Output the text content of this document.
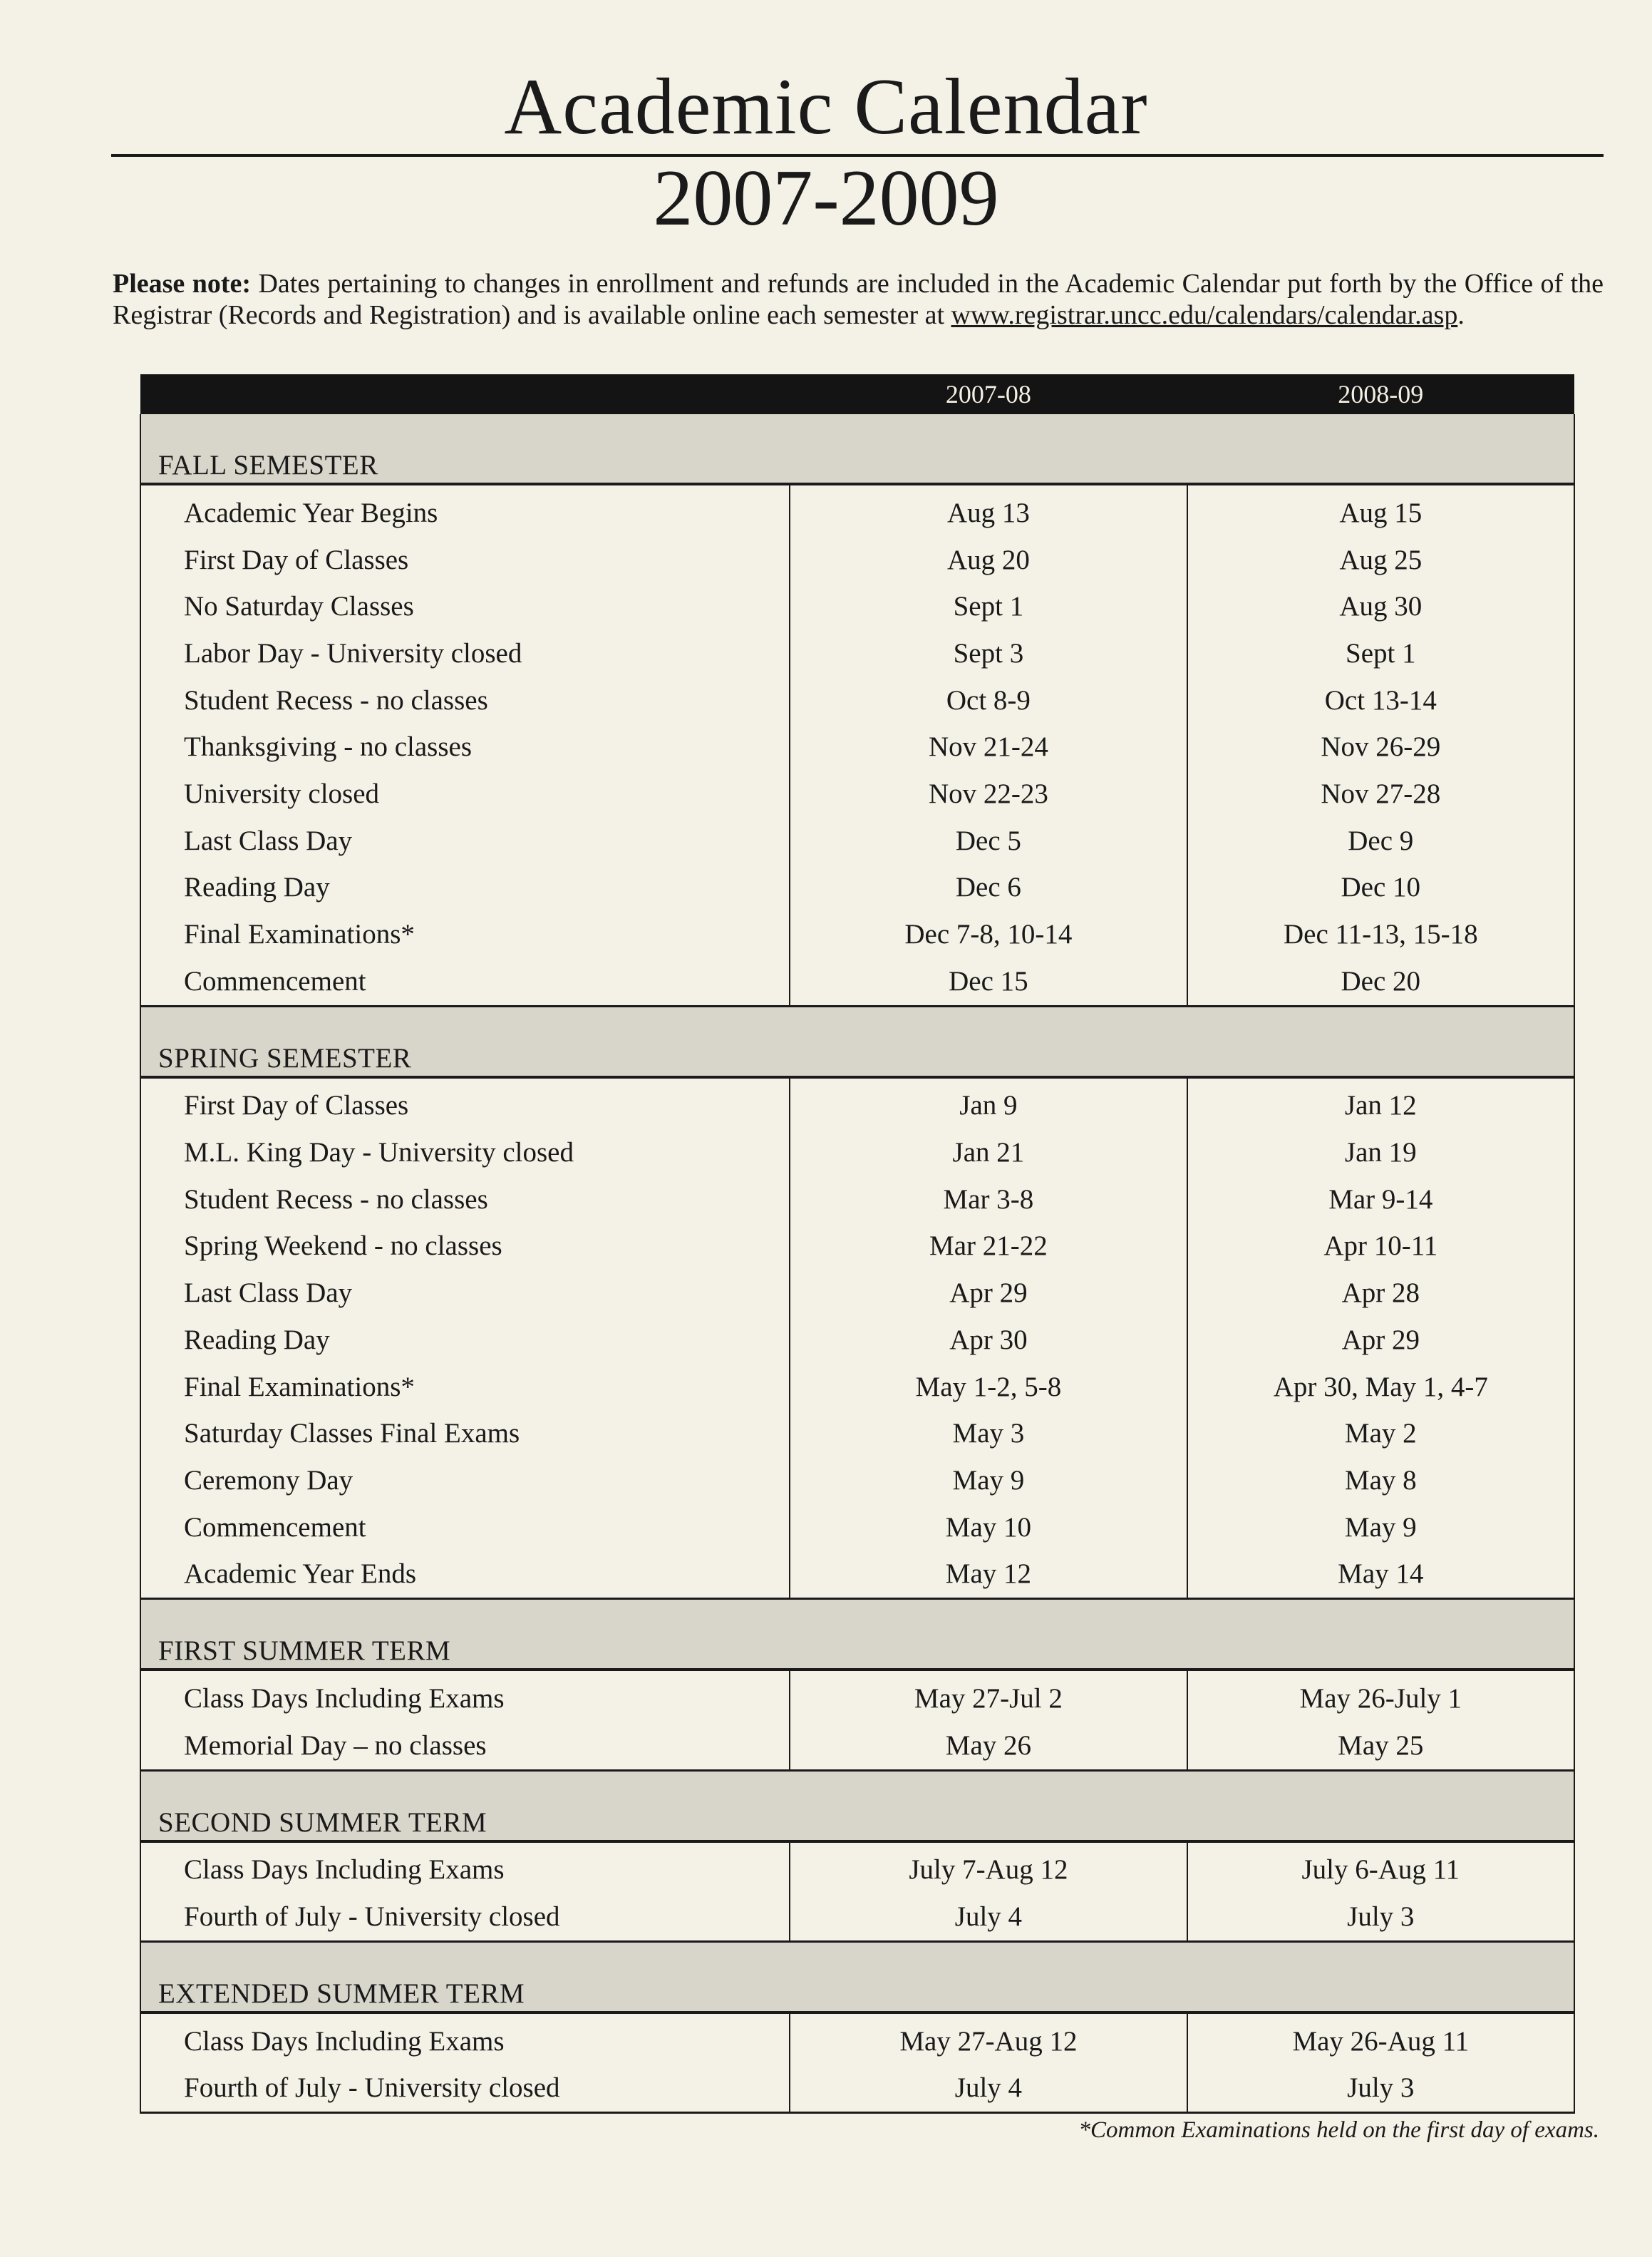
Academic Calendar
2007-2009
Please note: Dates pertaining to changes in enrollment and refunds are included in the Academic Calendar put forth by the Office of the Registrar (Records and Registration) and is available online each semester at www.registrar.uncc.edu/calendars/calendar.asp.
	2007-08	2008-09
FALL SEMESTER		
Academic Year Begins	Aug 13	Aug 15
First Day of Classes	Aug 20	Aug 25
No Saturday Classes	Sept 1	Aug 30
Labor Day - University closed	Sept 3	Sept 1
Student Recess - no classes	Oct 8-9	Oct 13-14
Thanksgiving - no classes	Nov 21-24	Nov 26-29
University closed	Nov 22-23	Nov 27-28
Last Class Day	Dec 5	Dec 9
Reading Day	Dec 6	Dec 10
Final Examinations*	Dec 7-8, 10-14	Dec 11-13, 15-18
Commencement	Dec 15	Dec 20
SPRING SEMESTER		
First Day of Classes	Jan 9	Jan 12
M.L. King Day - University closed	Jan 21	Jan 19
Student Recess - no classes	Mar 3-8	Mar 9-14
Spring Weekend - no classes	Mar 21-22	Apr 10-11
Last Class Day	Apr 29	Apr 28
Reading Day	Apr 30	Apr 29
Final Examinations*	May 1-2, 5-8	Apr 30, May 1, 4-7
Saturday Classes Final Exams	May 3	May 2
Ceremony Day	May 9	May 8
Commencement	May 10	May 9
Academic Year Ends	May 12	May 14
FIRST SUMMER TERM		
Class Days Including Exams	May 27-Jul 2	May 26-July 1
Memorial Day – no classes	May 26	May 25
SECOND SUMMER TERM		
Class Days Including Exams	July 7-Aug 12	July 6-Aug 11
Fourth of July - University closed	July 4	July 3
EXTENDED SUMMER TERM		
Class Days Including Exams	May 27-Aug 12	May 26-Aug 11
Fourth of July - University closed	July 4	July 3
*Common Examinations held on the first day of exams.
